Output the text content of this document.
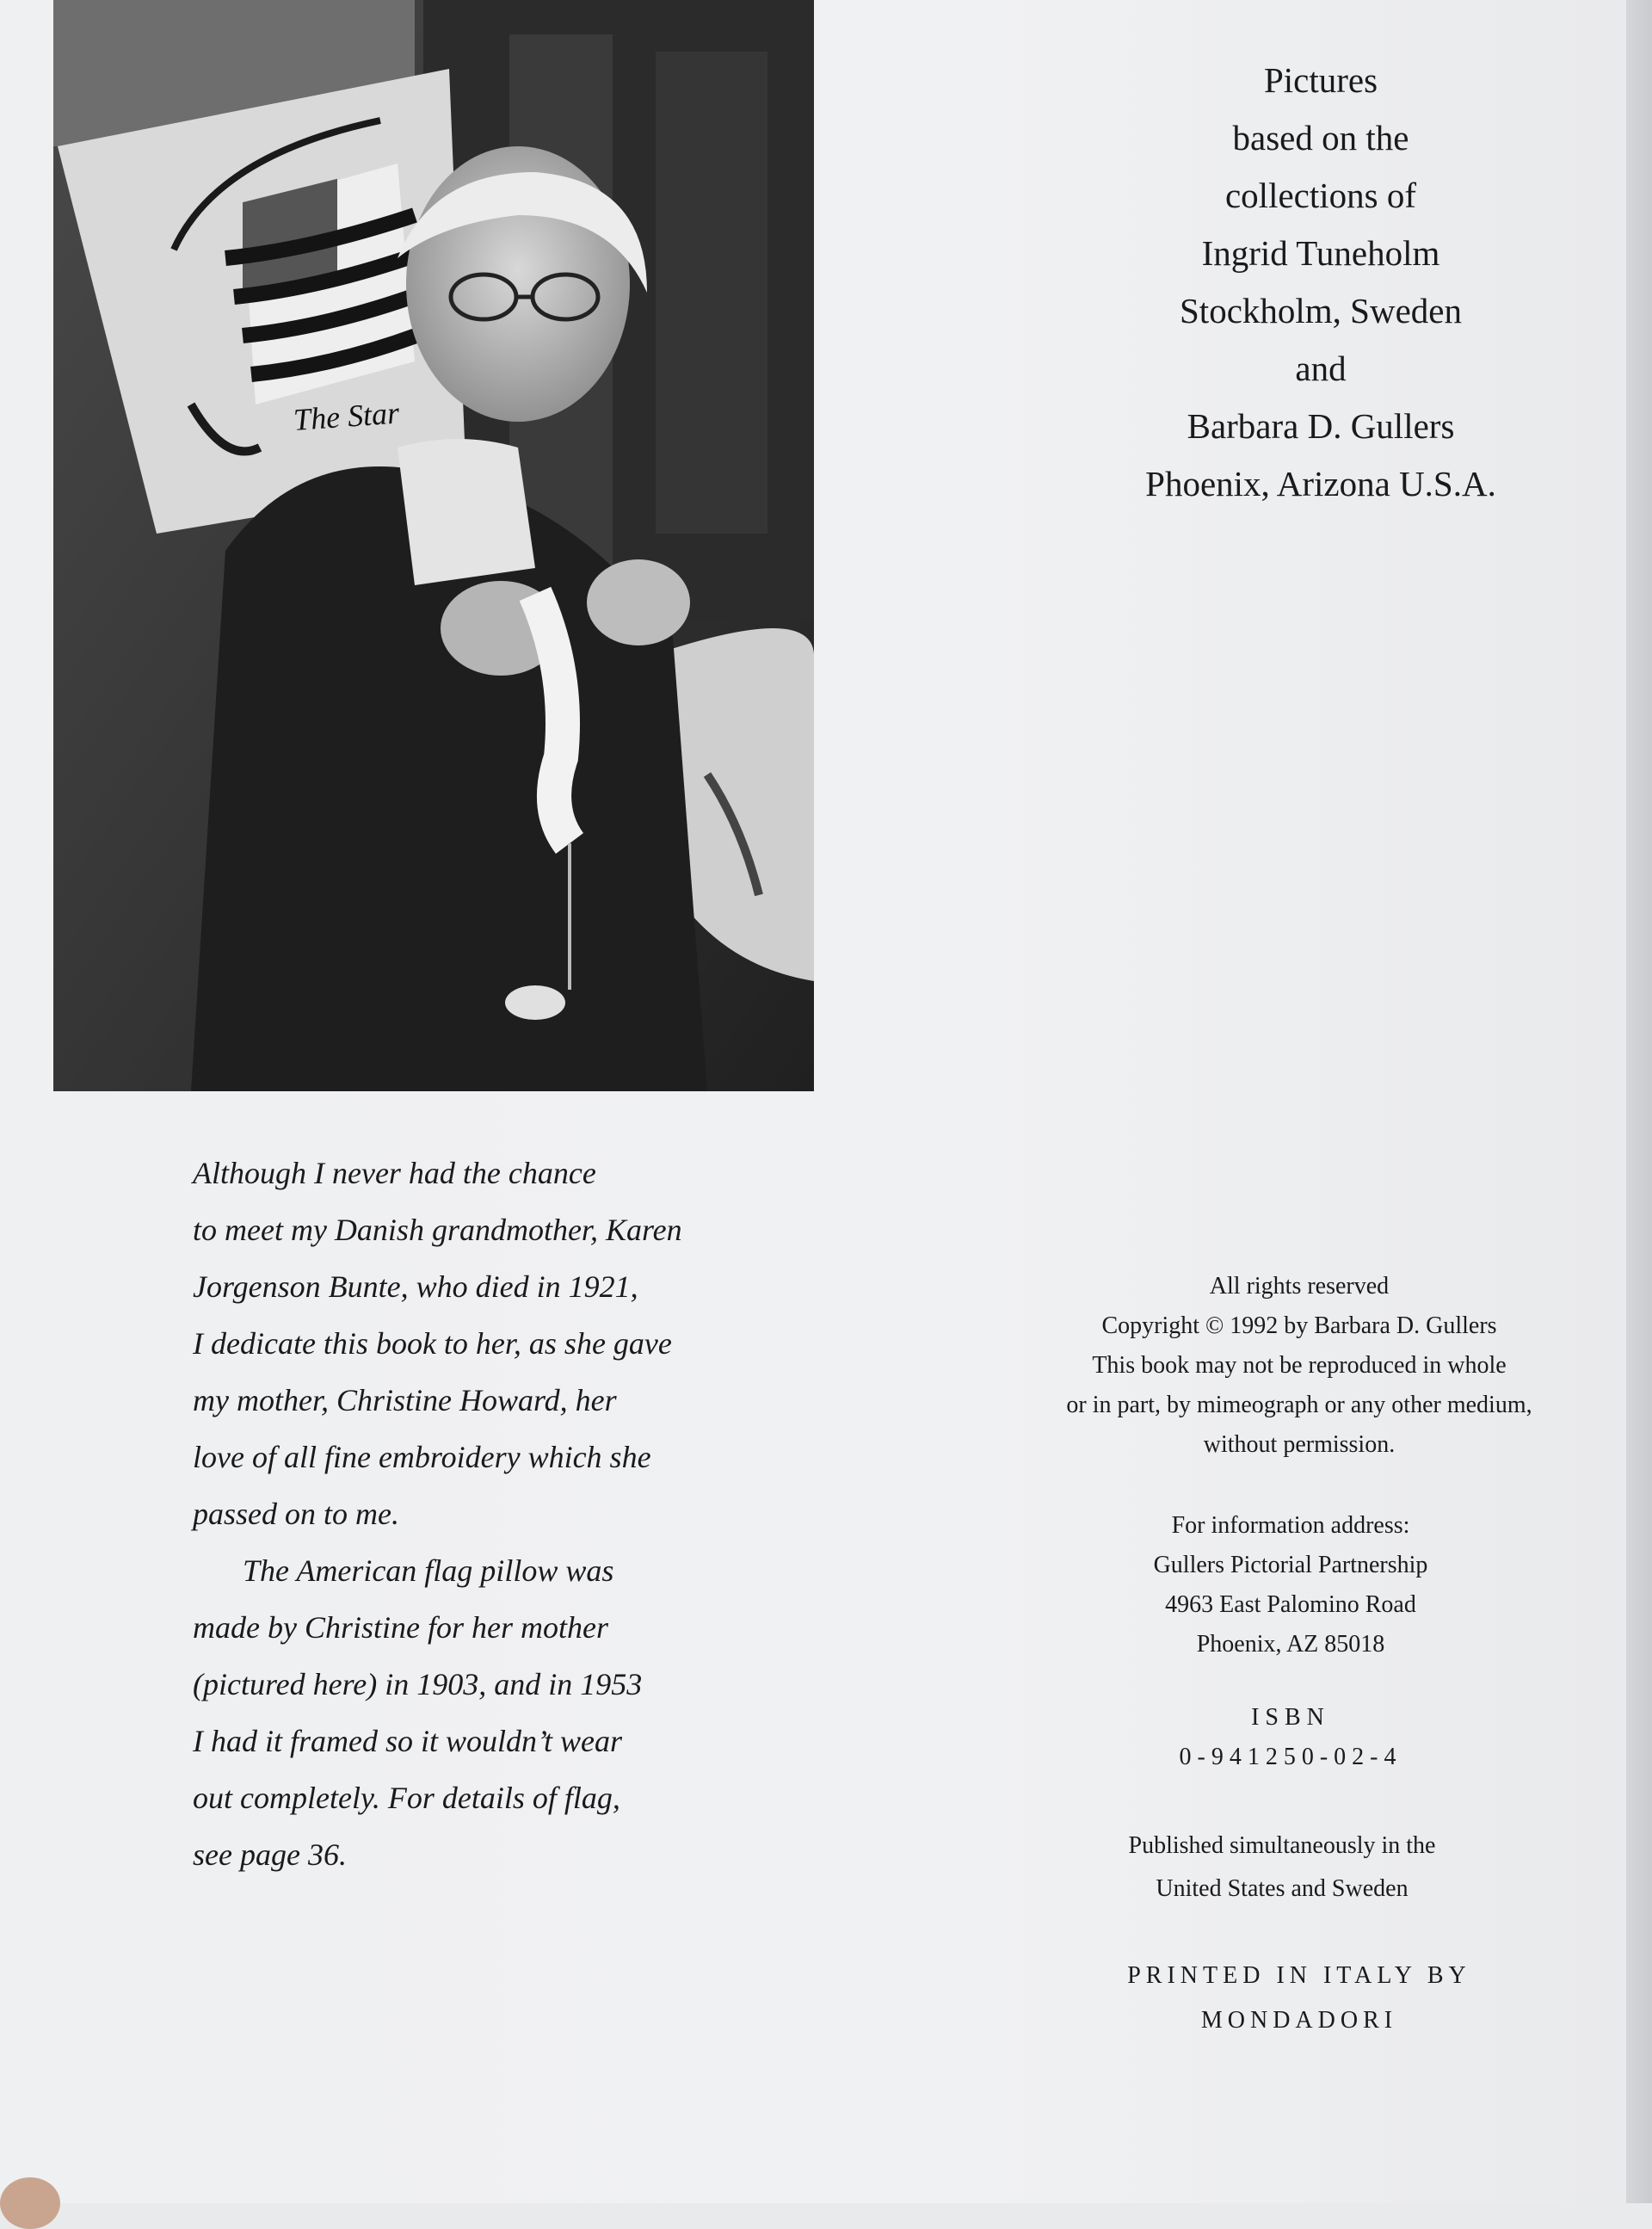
The Star
Pictures
based on the
collections of
Ingrid Tuneholm
Stockholm, Sweden
and
Barbara D. Gullers
Phoenix, Arizona U.S.A.
Although I never had the chance
to meet my Danish grandmother, Karen
Jorgenson Bunte, who died in 1921,
I dedicate this book to her, as she gave
my mother, Christine Howard, her
love of all fine embroidery which she
passed on to me.
The American flag pillow was
made by Christine for her mother
(pictured here) in 1903, and in 1953
I had it framed so it wouldn’t wear
out completely. For details of flag,
see page 36.
All rights reserved
Copyright © 1992 by Barbara D. Gullers
This book may not be reproduced in whole
or in part, by mimeograph or any other medium,
without permission.
For information address:
Gullers Pictorial Partnership
4963 East Palomino Road
Phoenix, AZ 85018
ISBN
0-941250-02-4
Published simultaneously in the
United States and Sweden
PRINTED IN ITALY BY
MONDADORI
